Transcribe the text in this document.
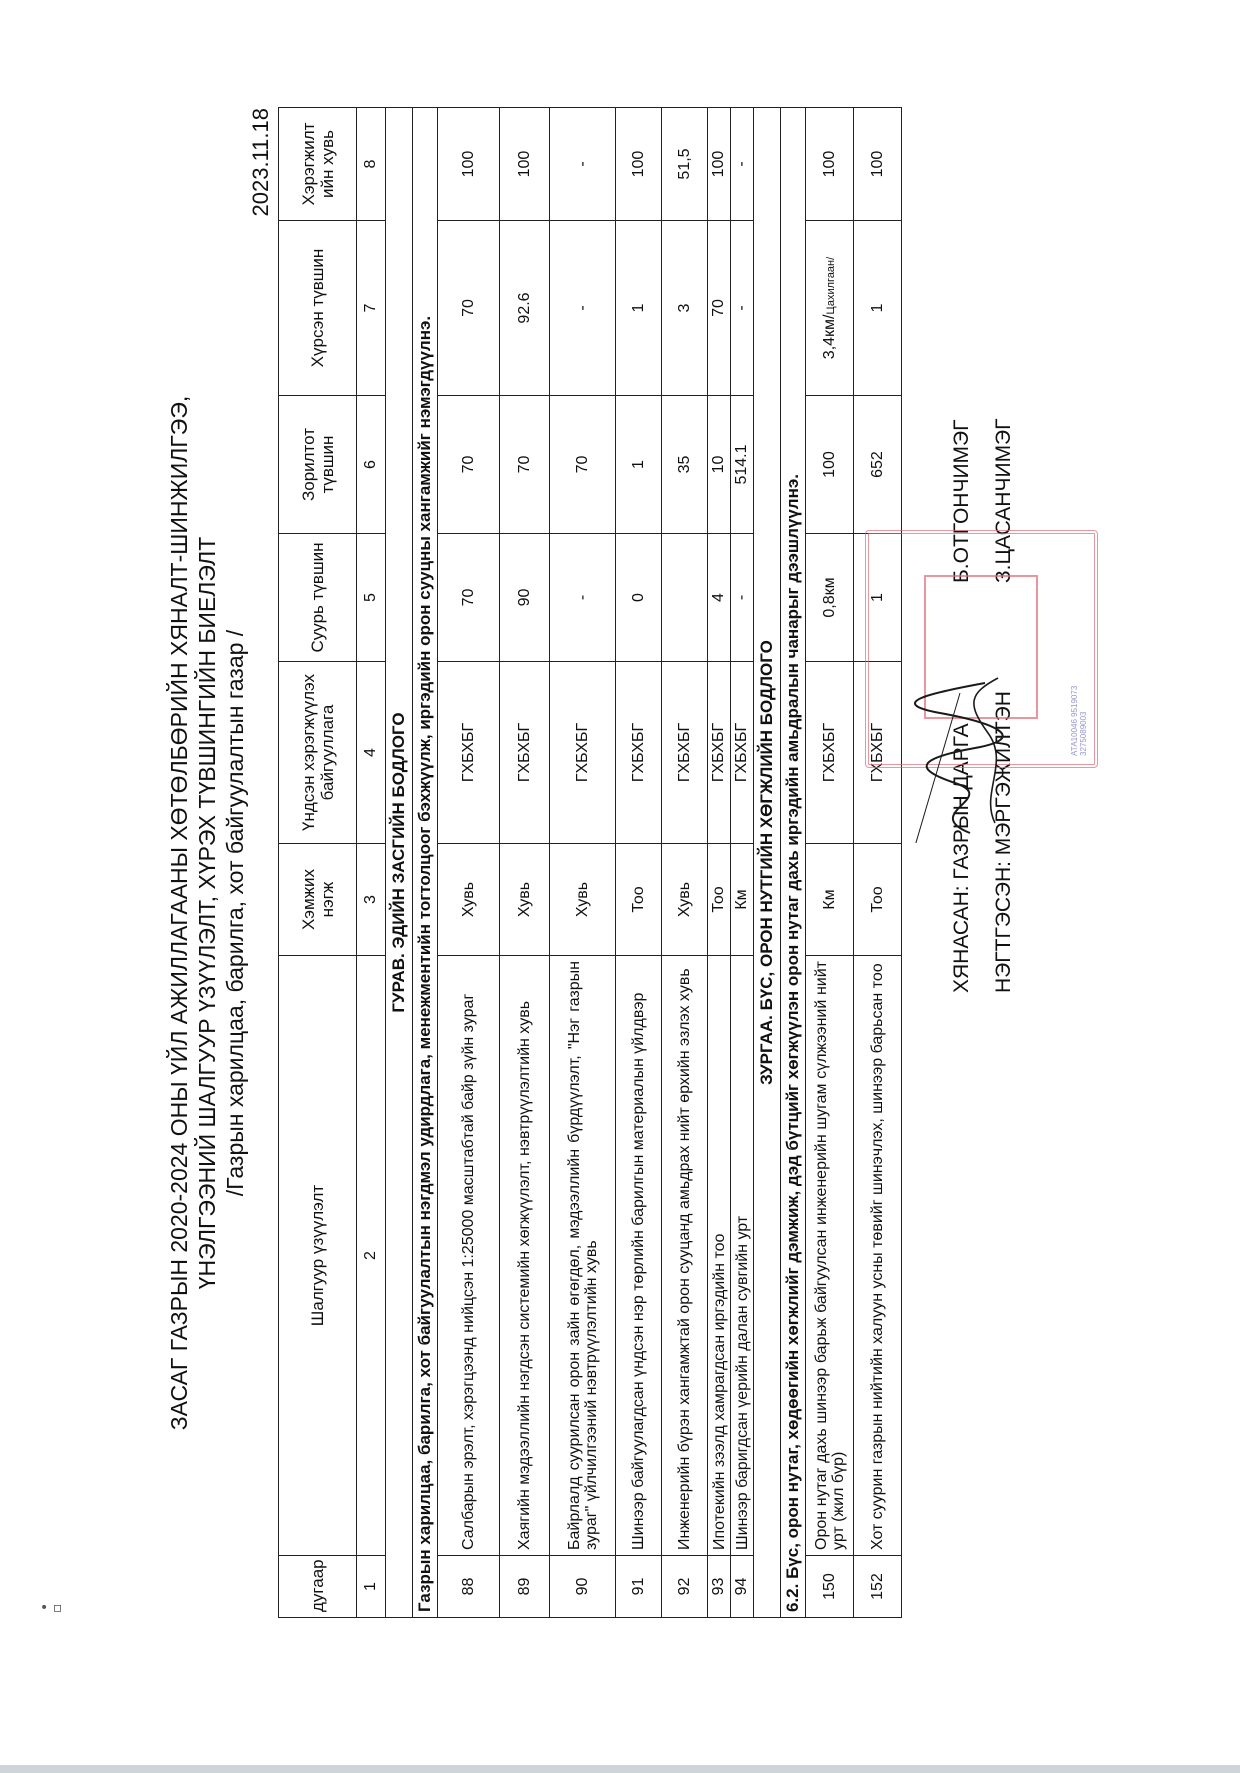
• ▫
ЗАСАГ ГАЗРЫН 2020-2024 ОНЫ ҮЙЛ АЖИЛЛАГААНЫ ХӨТӨЛБӨРИЙН ХЯНАЛТ-ШИНЖИЛГЭЭ, ҮНЭЛГЭЭНИЙ ШАЛГУУР ҮЗҮҮЛЭЛТ, ХҮРЭХ ТҮВШИНГИЙН БИЕЛЭЛТ /Газрын харилцаа, барилга, хот байгуулалтын газар /
2023.11.18
дугаар	Шалгуур үзүүлэлт	Хэмжих нэгж	Үндсэн хэрэгжүүлэх байгууллага	Суурь түвшин	Зорилтот түвшин	Хүрсэн түвшин	Хэрэгжилт ийн хувь
1	2	3	4	5	6	7	8
ГУРАВ. ЭДИЙН ЗАСГИЙН БОДЛОГО							
Газрын харилцаа, барилга, хот байгуулалтын нэгдмэл удирдлага, менежментийн тогтолцоог бэхжүүлж, иргэдийн орон сууцны хангамжийг нэмэгдүүлнэ.							
88	Салбарын эрэлт, хэрэгцээнд нийцсэн 1:25000 масштабтай байр зүйн зураг	Хувь	ГХБХБГ	70	70	70	100
89	Хаягийн мэдээллийн нэгдсэн системийн хөгжүүлэлт, нэвтрүүлэлтийн хувь	Хувь	ГХБХБГ	90	70	92.6	100
90	Байрлалд суурилсан орон зайн өгөгдөл, мэдээллийн бүрдүүлэлт, "Нэг газрын зураг" үйлчилгээний нэвтрүүлэлтийн хувь	Хувь	ГХБХБГ	-	70	-	-
91	Шинээр байгуулагдсан үндсэн нэр төрлийн барилгын материалын үйлдвэр	Тоо	ГХБХБГ	0	1	1	100
92	Инженерийн бүрэн хангамжтай орон сууцанд амьдрах нийт өрхийн эзлэх хувь	Хувь	ГХБХБГ		35	3	51,5
93	Ипотекийн зээлд хамрагдсан иргэдийн тоо	Тоо	ГХБХБГ	4	10	70	100
94	Шинээр баригдсан үерийн далан сувгийн урт	Км	ГХБХБГ	-	514.1	-	-
ЗУРГАА. БҮС, ОРОН НУТГИЙН ХӨГЖЛИЙН БОДЛОГО							
6.2. Бүс, орон нутаг, хөдөөгийн хөгжлийг дэмжиж, дэд бүтцийг хөгжүүлэн орон нутаг дахь иргэдийн амьдралын чанарыг дээшлүүлнэ.							
150	Орон нутаг дахь шинээр барьж байгуулсан инженерийн шугам сүлжээний нийт урт (жил бүр)	Км	ГХБХБГ	0,8км	100	3,4км/Цахилгаан/	100
152	Хот суурин газрын нийтийн халуун усны төвийг шинэчлэх, шинээр барьсан тоо	Тоо	ГХБХБГ	1	652	1	100
ХЯНАСАН: ГАЗРЫН ДАРГА
Б.ОТГОНЧИМЭГ
НЭГТГЭСЭН: МЭРГЭЖИЛТЭН
З.ЦАСАНЧИМЭГ
АТА10046 9519073
3275089003
